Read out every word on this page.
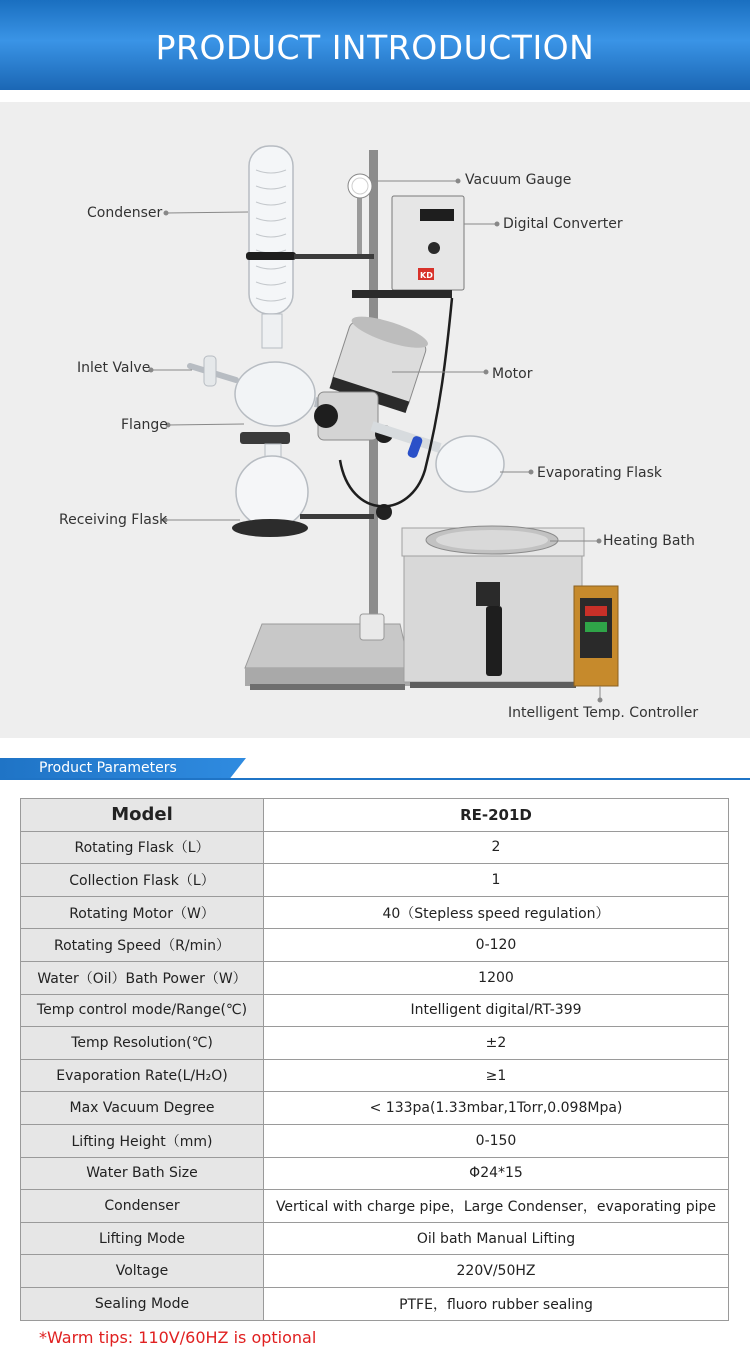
PRODUCT INTRODUCTION
KD
Condenser
Vacuum Gauge
Digital Converter
Inlet Valve	Motor
Flange
Evaporating Flask
Receiving Flask
Heating Bath
Intelligent Temp. Controller
Product Parameters
Model	RE-201D
Rotating Flask（L）	2
Collection Flask（L）	1
Rotating Motor（W）	40（Stepless speed regulation）
Rotating Speed（R/min）	0-120
Water（Oil）Bath Power（W）	1200
Temp control mode/Range(℃)	Intelligent digital/RT-399
Temp Resolution(℃)	±2
Evaporation Rate(L/H₂O)	≥1
Max Vacuum Degree	< 133pa(1.33mbar,1Torr,0.098Mpa)
Lifting Height（mm)	0-150
Water Bath Size	Φ24*15
Condenser	Vertical with charge pipe，Large Condenser，evaporating pipe
Lifting Mode	Oil bath Manual Lifting
Voltage	220V/50HZ
Sealing Mode	PTFE，fluoro rubber sealing
*Warm tips: 110V/60HZ is optional
